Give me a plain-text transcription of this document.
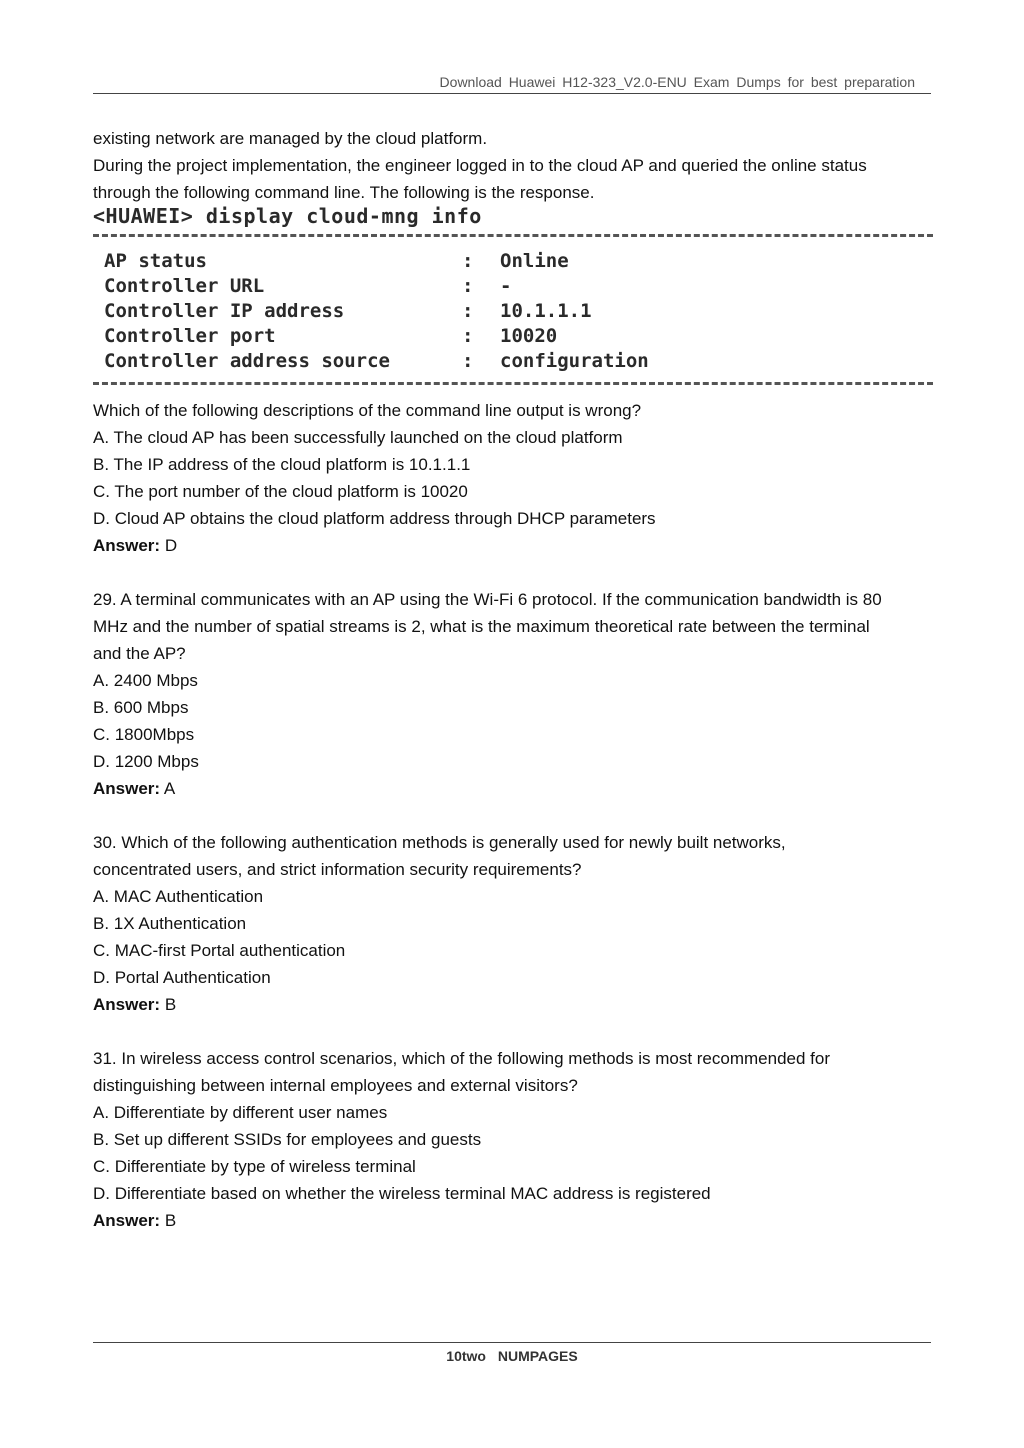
Download Huawei H12-323_V2.0-ENU Exam Dumps for best preparation
existing network are managed by the cloud platform.
During the project implementation, the engineer logged in to the cloud AP and queried the online status
through the following command line. The following is the response.
<HUAWEI> display cloud-mng info
AP status	: Online
Controller URL	: -
Controller IP address	: 10.1.1.1
Controller port	: 10020
Controller address source	: configuration
Which of the following descriptions of the command line output is wrong?
A. The cloud AP has been successfully launched on the cloud platform
B. The IP address of the cloud platform is 10.1.1.1
C. The port number of the cloud platform is 10020
D. Cloud AP obtains the cloud platform address through DHCP parameters
Answer: D
29. A terminal communicates with an AP using the Wi-Fi 6 protocol. If the communication bandwidth is 80
MHz and the number of spatial streams is 2, what is the maximum theoretical rate between the terminal
and the AP?
A. 2400 Mbps
B. 600 Mbps
C. 1800Mbps
D. 1200 Mbps
Answer: A
30. Which of the following authentication methods is generally used for newly built networks,
concentrated users, and strict information security requirements?
A. MAC Authentication
B. 1X Authentication
C. MAC-first Portal authentication
D. Portal Authentication
Answer: B
31. In wireless access control scenarios, which of the following methods is most recommended for
distinguishing between internal employees and external visitors?
A. Differentiate by different user names
B. Set up different SSIDs for employees and guests
C. Differentiate by type of wireless terminal
D. Differentiate based on whether the wireless terminal MAC address is registered
Answer: B
10two NUMPAGES
